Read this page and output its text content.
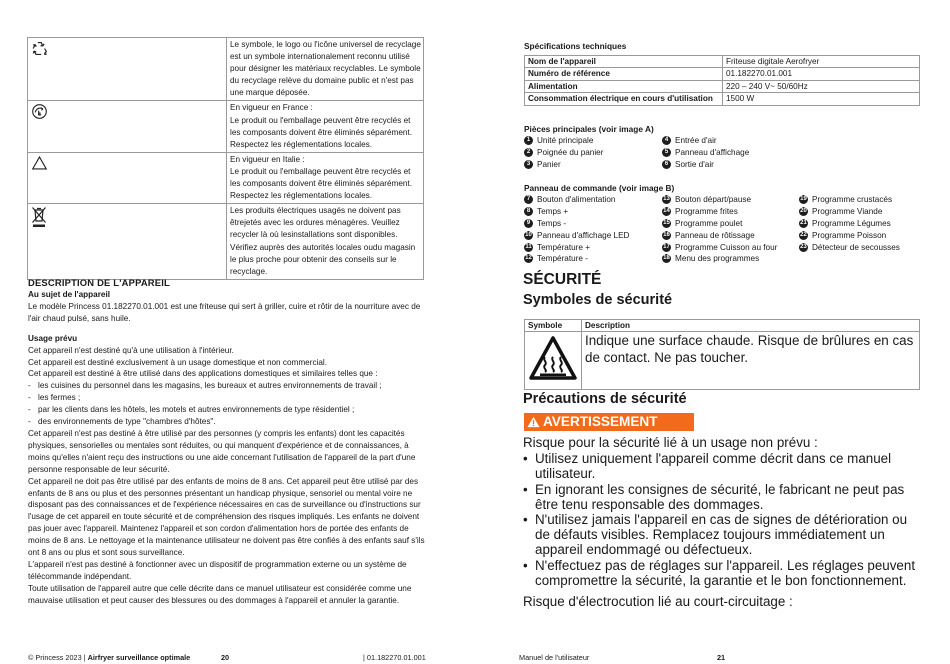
	Le symbole, le logo ou l'icône universel de recyclage est un symbole internationalement reconnu utilisé pour désigner les matériaux recyclables. Le symbole du recyclage relève du domaine public et n'est pas une marque déposée.

En vigueur en France :
Le produit ou l'emballage peuvent être recyclés et les composants doivent être éliminés séparément. Respectez les réglementations locales.

En vigueur en Italie :
Le produit ou l'emballage peuvent être recyclés et les composants doivent être éliminés séparément. Respectez les réglementations locales.

	Les produits électriques usagés ne doivent pas êtrejetés avec les ordures ménagères. Veuillez recycler là où lesinstallations sont disponibles. Vérifiez auprès des autorités locales oudu magasin le plus proche pour obtenir des conseils sur le recyclage.
DESCRIPTION DE L'APPAREIL
Au sujet de l'appareil
Le modèle Princess 01.182270.01.001 est une friteuse qui sert à griller, cuire et rôtir de la nourriture avec de l'air chaud pulsé, sans huile.
Usage prévu
Cet appareil n'est destiné qu'à une utilisation à l'intérieur.
Cet appareil est destiné exclusivement à un usage domestique et non commercial.
Cet appareil est destiné à être utilisé dans des applications domestiques et similaires telles que :
- les cuisines du personnel dans les magasins, les bureaux et autres environnements de travail ;
- les fermes ;
- par les clients dans les hôtels, les motels et autres environnements de type résidentiel ;
- des environnements de type "chambres d'hôtes".
Cet appareil n'est pas destiné à être utilisé par des personnes (y compris les enfants) dont les capacités physiques, sensorielles ou mentales sont réduites, ou qui manquent d'expérience et de connaissances, à moins qu'elles n'aient reçu des instructions ou une aide concernant l'utilisation de l'appareil de la part d'une personne responsable de leur sécurité.
Cet appareil ne doit pas être utilisé par des enfants de moins de 8 ans. Cet appareil peut être utilisé par des enfants de 8 ans ou plus et des personnes présentant un handicap physique, sensoriel ou mental voire ne disposant pas des connaissances et de l'expérience nécessaires en cas de surveillance ou d'instructions sur l'usage de cet appareil en toute sécurité et de compréhension des risques impliqués. Les enfants ne doivent pas jouer avec l'appareil. Maintenez l'appareil et son cordon d'alimentation hors de portée des enfants de moins de 8 ans. Le nettoyage et la maintenance utilisateur ne doivent pas être confiés à des enfants sauf s'ils ont 8 ans ou plus et sont sous surveillance.
L'appareil n'est pas destiné à fonctionner avec un dispositif de programmation externe ou un système de télécommande indépendant.
Toute utilisation de l'appareil autre que celle décrite dans ce manuel utilisateur est considérée comme une mauvaise utilisation et peut causer des blessures ou des dommages à l'appareil et annuler la garantie.
© Princess 2023 | Airfryer surveillance optimale	20	| 01.182270.01.001
Spécifications techniques
Nom de l'appareil	Friteuse digitale Aerofryer
Numéro de référence	01.182270.01.001
Alimentation	220 – 240 V~ 50/60Hz
Consommation électrique en cours d'utilisation	1500 W
Pièces principales (voir image A)
1 Unité principale
2 Poignée du panier
3 Panier
4 Entrée d'air
5 Panneau d'affichage
6 Sortie d'air
Panneau de commande (voir image B)
7 Bouton d'alimentation
8 Temps +
9 Temps -
10 Panneau d'affichage LED
11 Température +
12 Température -
13 Bouton départ/pause
14 Programme frites
15 Programme poulet
16 Panneau de rôtissage
17 Programme Cuisson au four
18 Menu des programmes
19 Programme crustacés
20 Programme Viande
21 Programme Légumes
22 Programme Poisson
23 Détecteur de secousses
SÉCURITÉ
Symboles de sécurité
Symbole	Description
	Indique une surface chaude. Risque de brûlures en cas de contact. Ne pas toucher.
Précautions de sécurité
AVERTISSEMENT
Risque pour la sécurité lié à un usage non prévu :
• Utilisez uniquement l'appareil comme décrit dans ce manuel utilisateur.
• En ignorant les consignes de sécurité, le fabricant ne peut pas être tenu responsable des dommages.
• N'utilisez jamais l'appareil en cas de signes de détérioration ou de défauts visibles. Remplacez toujours immédiatement un appareil endommagé ou défectueux.
• N'effectuez pas de réglages sur l'appareil. Les réglages peuvent compromettre la sécurité, la garantie et le bon fonctionnement.
Risque d'électrocution lié au court-circuitage :
Manuel de l'utilisateur	21
